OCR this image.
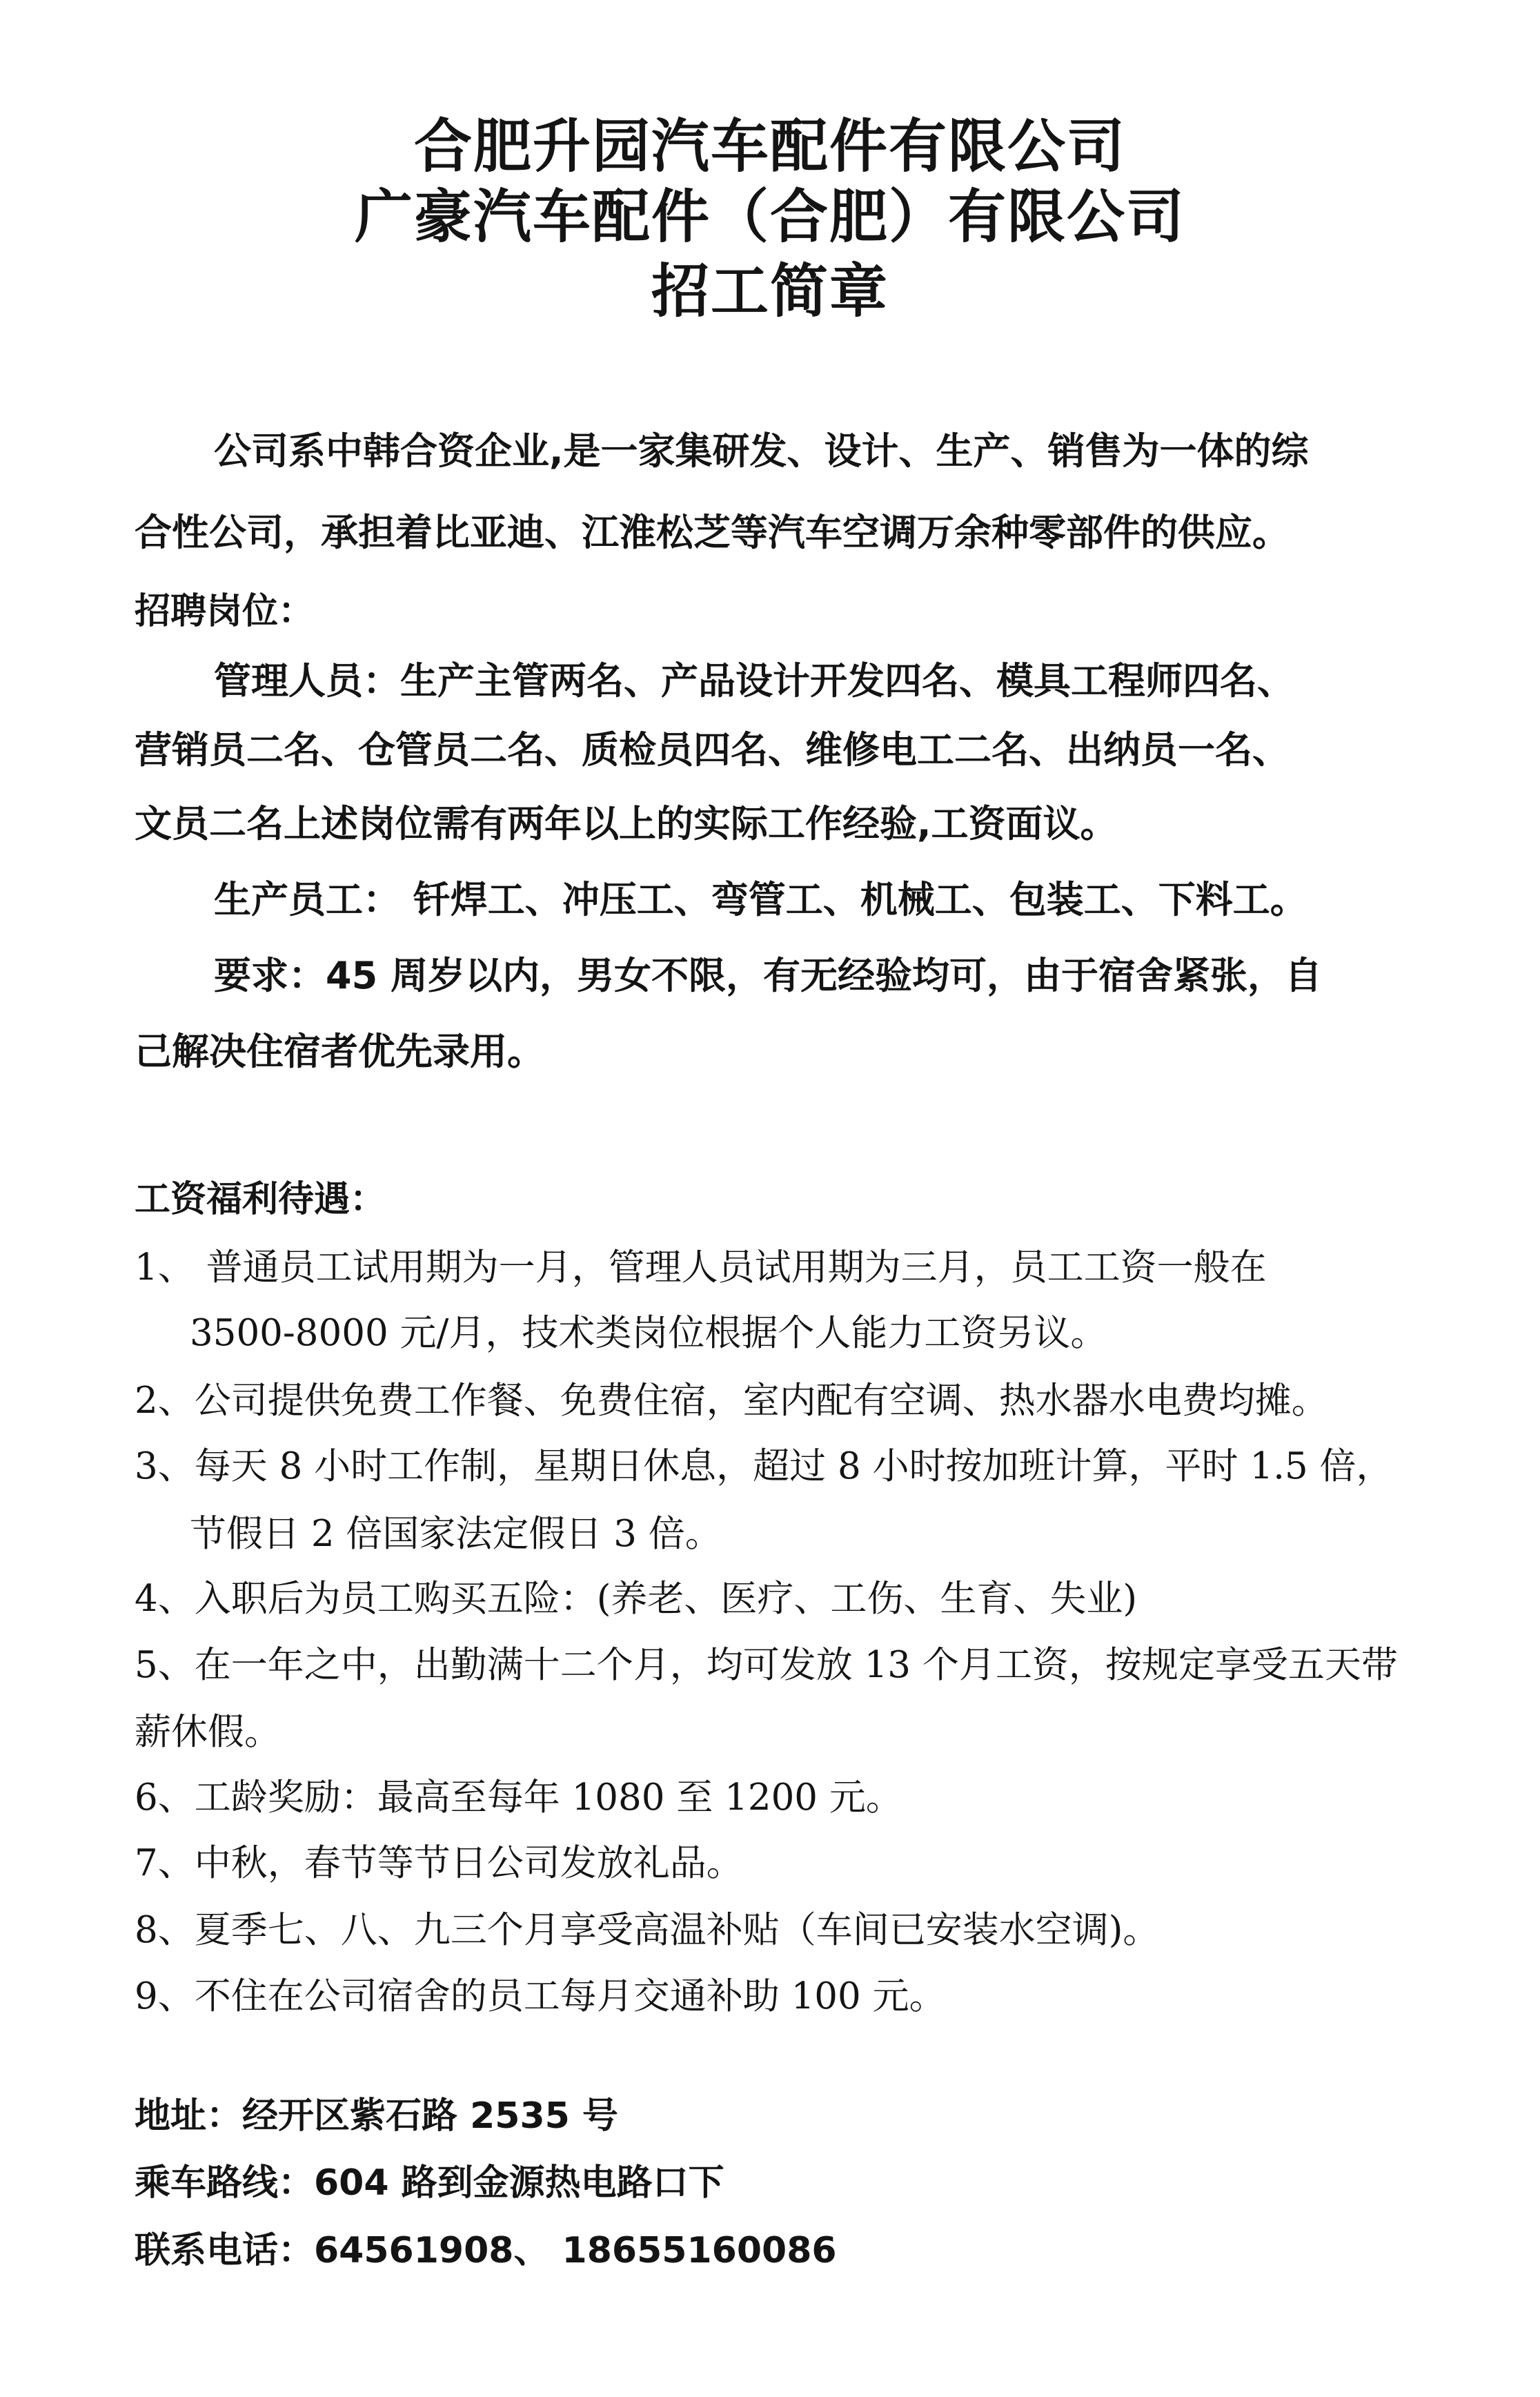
合肥升园汽车配件有限公司
广豪汽车配件（合肥）有限公司
招工简章
公司系中韩合资企业,是一家集研发、设计、生产、销售为一体的综
合性公司，承担着比亚迪、江淮松芝等汽车空调万余种零部件的供应。
招聘岗位：
管理人员：生产主管两名、产品设计开发四名、模具工程师四名、
营销员二名、仓管员二名、质检员四名、维修电工二名、出纳员一名、
文员二名上述岗位需有两年以上的实际工作经验,工资面议。
生产员工： 钎焊工、冲压工、弯管工、机械工、包装工、下料工。
要求：45 周岁以内，男女不限，有无经验均可，由于宿舍紧张，自
己解决住宿者优先录用。
工资福利待遇：
1、 普通员工试用期为一月，管理人员试用期为三月，员工工资一般在
3500-8000 元/月，技术类岗位根据个人能力工资另议。
2、公司提供免费工作餐、免费住宿，室内配有空调、热水器水电费均摊。
3、每天 8 小时工作制，星期日休息，超过 8 小时按加班计算，平时 1.5 倍，
节假日 2 倍国家法定假日 3 倍。
4、入职后为员工购买五险：(养老、医疗、工伤、生育、失业)
5、在一年之中，出勤满十二个月，均可发放 13 个月工资，按规定享受五天带
薪休假。
6、工龄奖励：最高至每年 1080 至 1200 元。
7、中秋，春节等节日公司发放礼品。
8、夏季七、八、九三个月享受高温补贴（车间已安装水空调)。
9、不住在公司宿舍的员工每月交通补助 100 元。
地址：经开区紫石路 2535 号
乘车路线：604 路到金源热电路口下
联系电话：64561908、 18655160086
